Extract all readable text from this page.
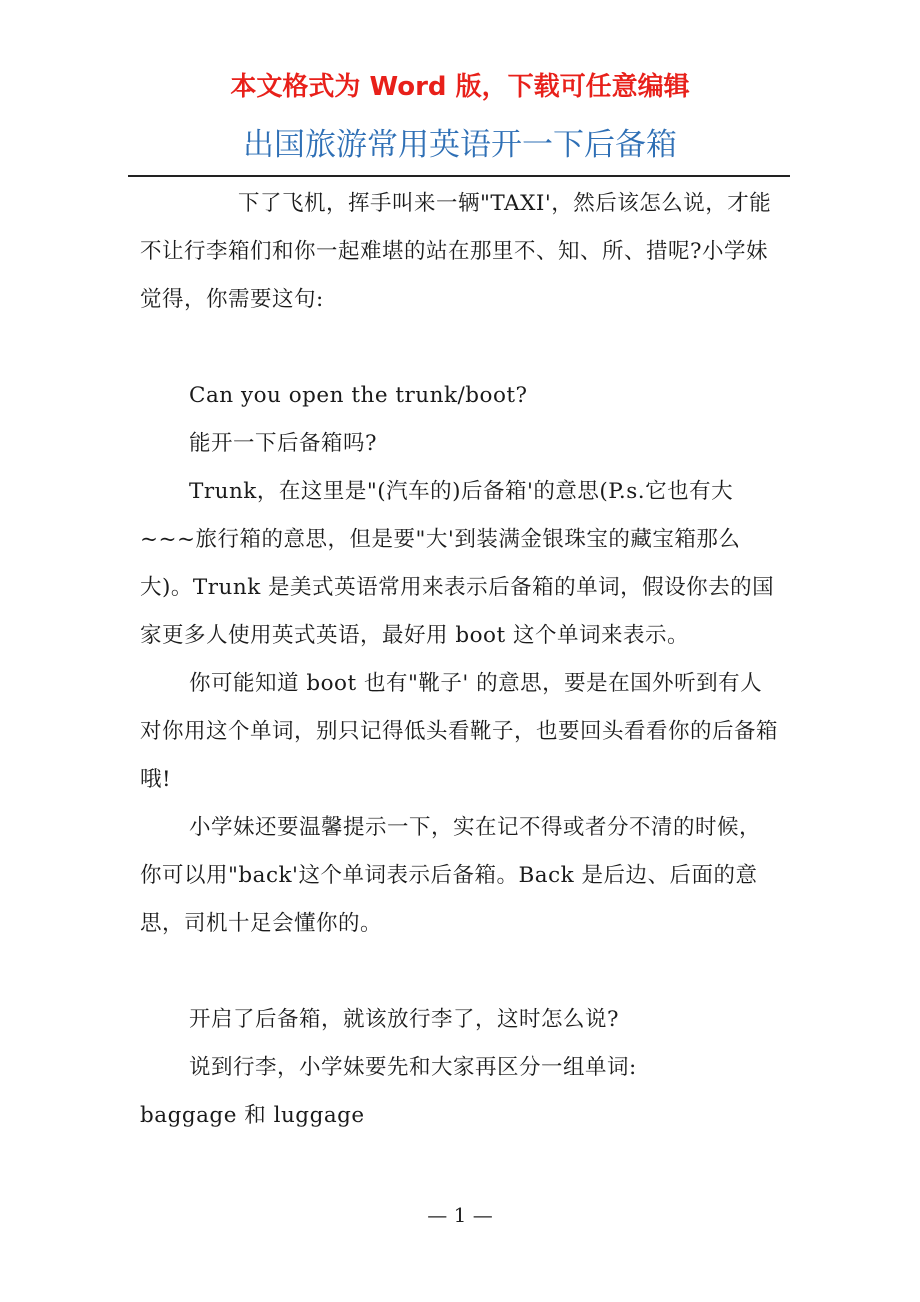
本文格式为 Word 版，下载可任意编辑
出国旅游常用英语开一下后备箱

下了飞机，挥手叫来一辆"TAXI'，然后该怎么说，才能不让行李箱们和你一起难堪的站在那里不、知、所、措呢?小学妹觉得，你需要这句:

Can you open the trunk/boot?

能开一下后备箱吗?

Trunk，在这里是"(汽车的)后备箱'的意思(P.s.它也有大~~~旅行箱的意思，但是要"大'到装满金银珠宝的藏宝箱那么大)。Trunk 是美式英语常用来表示后备箱的单词，假设你去的国家更多人使用英式英语，最好用 boot 这个单词来表示。

你可能知道 boot 也有"靴子' 的意思，要是在国外听到有人对你用这个单词，别只记得低头看靴子，也要回头看看你的后备箱哦!

小学妹还要温馨提示一下，实在记不得或者分不清的时候，你可以用"back'这个单词表示后备箱。Back 是后边、后面的意思，司机十足会懂你的。

开启了后备箱，就该放行李了，这时怎么说?

说到行李，小学妹要先和大家再区分一组单词:

baggage 和 luggage

— 1 —
